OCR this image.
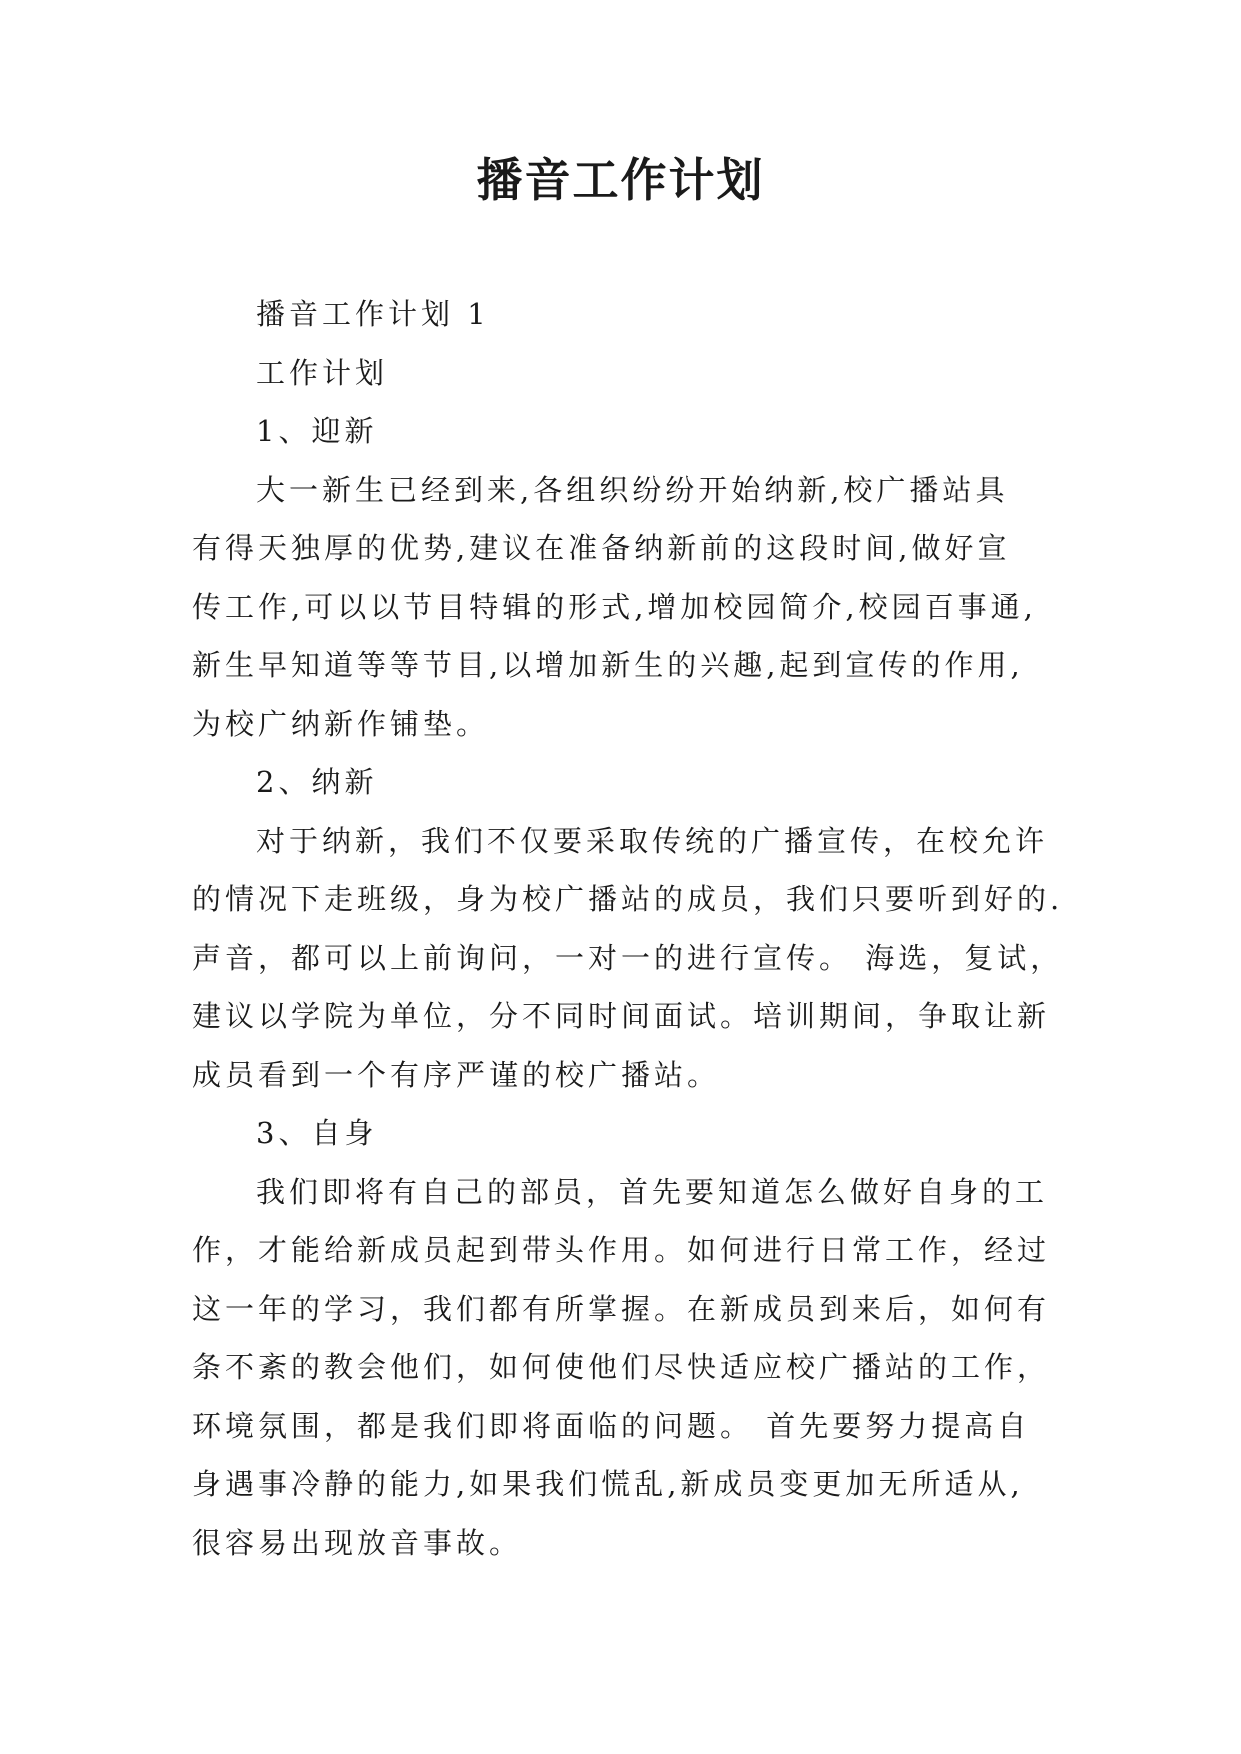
播音工作计划

播音工作计划 1

工作计划

1、迎新

大一新生已经到来,各组织纷纷开始纳新,校广播站具

有得天独厚的优势,建议在准备纳新前的这段时间,做好宣

传工作,可以以节目特辑的形式,增加校园简介,校园百事通,

新生早知道等等节目,以增加新生的兴趣,起到宣传的作用,

为校广纳新作铺垫。

2、纳新

对于纳新，我们不仅要采取传统的广播宣传，在校允许

的情况下走班级，身为校广播站的成员，我们只要听到好的.

声音，都可以上前询问，一对一的进行宣传。 海选，复试，

建议以学院为单位，分不同时间面试。培训期间，争取让新

成员看到一个有序严谨的校广播站。

3、自身

我们即将有自己的部员，首先要知道怎么做好自身的工

作，才能给新成员起到带头作用。如何进行日常工作，经过

这一年的学习，我们都有所掌握。在新成员到来后，如何有

条不紊的教会他们，如何使他们尽快适应校广播站的工作，

环境氛围，都是我们即将面临的问题。 首先要努力提高自

身遇事冷静的能力,如果我们慌乱,新成员变更加无所适从,

很容易出现放音事故。
